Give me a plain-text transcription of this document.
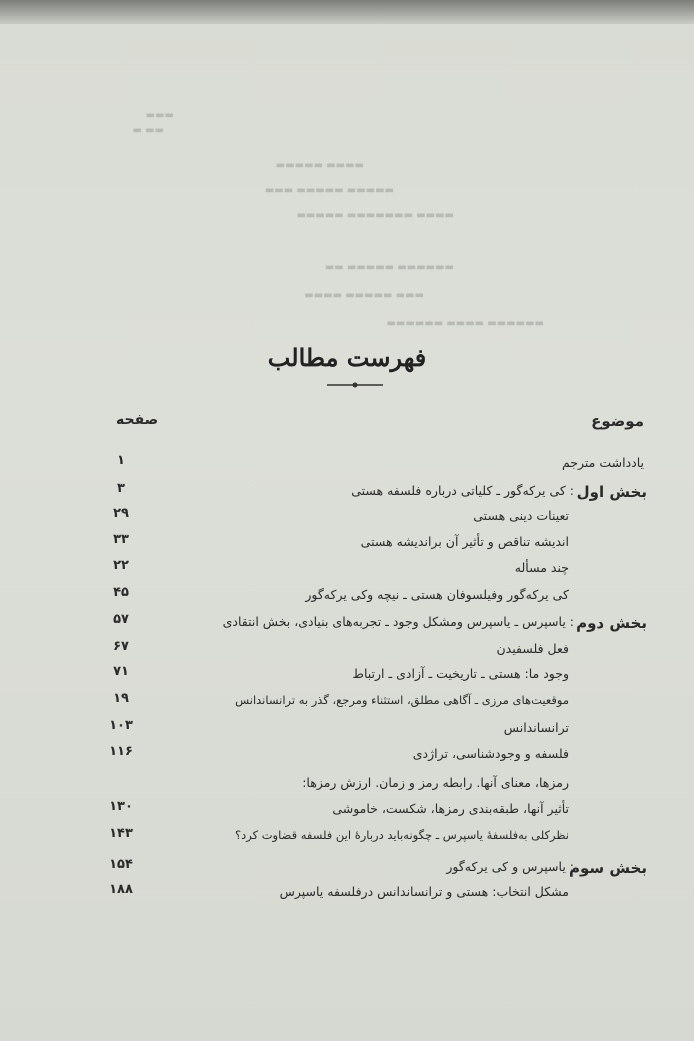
▬▬▬
▬▬ ▬
▬▬▬▬ ▬▬▬▬▬
▬▬▬▬▬ ▬▬▬▬▬ ▬▬▬
▬▬▬▬ ▬▬▬▬▬▬▬ ▬▬▬▬▬
▬▬▬▬▬▬ ▬▬▬▬▬ ▬▬
▬▬▬ ▬▬▬▬▬ ▬▬▬▬
▬▬▬▬▬▬ ▬▬▬▬ ▬▬▬▬▬▬
فهرست مطالب
موضوع
صفحه
بخش اول
بخش دوم
بخش سوم
یادداشت مترجم
۱
: کی یرکه‌گور ـ کلیاتی درباره فلسفه هستی
۳
تعینات دینی هستی
۲۹
اندیشه تناقص و تأثیر آن براندیشه هستی
۳۳
چند مسأله
۲۲
کی یرکه‌گور وفیلسوفان هستی ـ نیچه وکی یرکه‌گور
۴۵
: یاسپرس ـ یاسپرس ومشکل وجود ـ تجربه‌های بنیادی، بخش انتقادی
۵۷
فعل فلسفیدن
۶۷
وجود ما: هستی ـ تاریخیت ـ آزادی ـ ارتباط
۷۱
موقعیت‌های مرزی ـ آگاهی مطلق، استثناء ومرجع، گذر به ترانساندانس
۱۹
ترانساندانس
۱۰۳
فلسفه و وجودشناسی، تراژدی
۱۱۶
رمزها، معنای آنها. رابطه رمز و زمان. ارزش رمزها:
تأثیر آنها، طبقه‌بندی رمزها، شکست، خاموشی
۱۳۰
نظرکلی به‌فلسفهٔ یاسپرس ـ چگونه‌باید دربارهٔ این فلسفه قضاوت کرد؟
۱۴۳
: یاسپرس و کی یرکه‌گور
۱۵۴
مشکل انتخاب: هستی و ترانساندانس درفلسفه یاسپرس
۱۸۸
